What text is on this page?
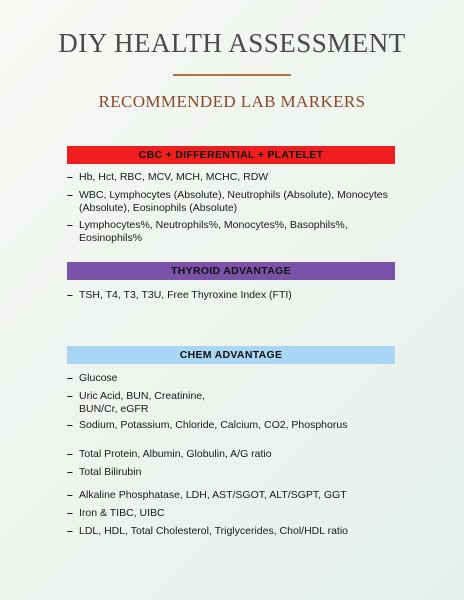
DIY HEALTH ASSESSMENT
RECOMMENDED LAB MARKERS
CBC + DIFFERENTIAL + PLATELET
– Hb, Hct, RBC, MCV, MCH, MCHC, RDW
– WBC, Lymphocytes (Absolute), Neutrophils (Absolute), Monocytes (Absolute), Eosinophils (Absolute)
– Lymphocytes%, Neutrophils%, Monocytes%, Basophils%, Eosinophils%
THYROID ADVANTAGE
– TSH, T4, T3, T3U, Free Thyroxine Index (FTI)
CHEM ADVANTAGE
– Glucose
– Uric Acid, BUN, Creatinine, BUN/Cr, eGFR
– Sodium, Potassium, Chloride, Calcium, CO2, Phosphorus
– Total Protein, Albumin, Globulin, A/G ratio
– Total Bilirubin
– Alkaline Phosphatase, LDH, AST/SGOT, ALT/SGPT, GGT
– Iron & TIBC, UIBC
– LDL, HDL, Total Cholesterol, Triglycerides, Chol/HDL ratio
